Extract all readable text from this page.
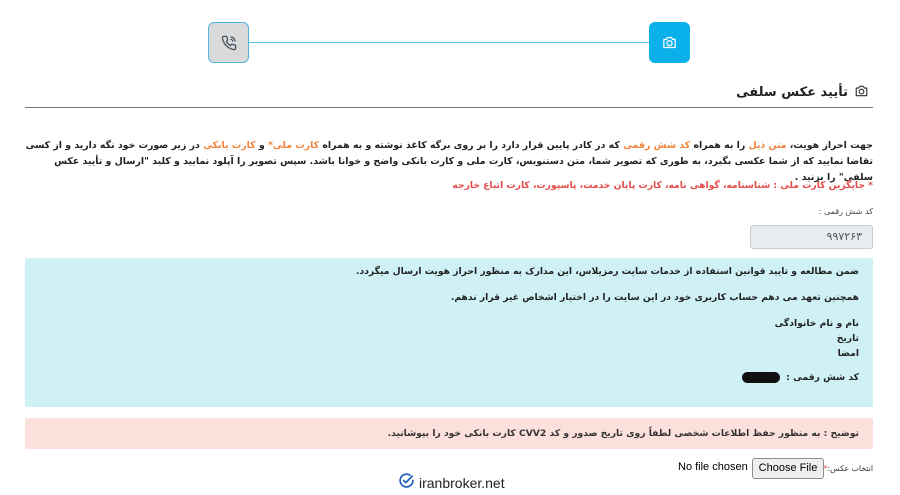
تأیید عکس سلفی
جهت احراز هویت، متن ذیل را به همراه کد شش رقمی که در کادر پایین قرار دارد را بر روی برگه کاغذ نوشته و به همراه کارت ملی* و کارت بانکی در زیر صورت خود نگه دارید و از کسی تقاضا نمایید که از شما عکسی بگیرد، به طوری که تصویر شما، متن دستنویس، کارت ملی و کارت بانکی واضح و خوانا باشد. سپس تصویر را آپلود نمایید و کلید "ارسال و تأیید عکس سلفی" را بزنید .
* جایگزین کارت ملی : شناسنامه، گواهی نامه، کارت پایان خدمت، پاسپورت، کارت اتباع خارجه
کد شش رقمی :
۹۹۷۲۶۳

ضمن مطالعه و تایید قوانین استفاده از خدمات سایت رمزیلاس، این مدارک به منظور احراز هویت ارسال میگردد.

همچنین تعهد می دهم حساب کاربری خود در این سایت را در اختیار اشخاص غیر قرار ندهم.

نام و نام خانوادگی

تاریخ

امضا

کد شش رقمی :

توضیح : به منظور حفظ اطلاعات شخصی لطفاً روی تاریخ صدور و کد CVV2 کارت بانکی خود را بپوشانید.
انتخاب عکس:*
Choose File
No file chosen
iranbroker.net
